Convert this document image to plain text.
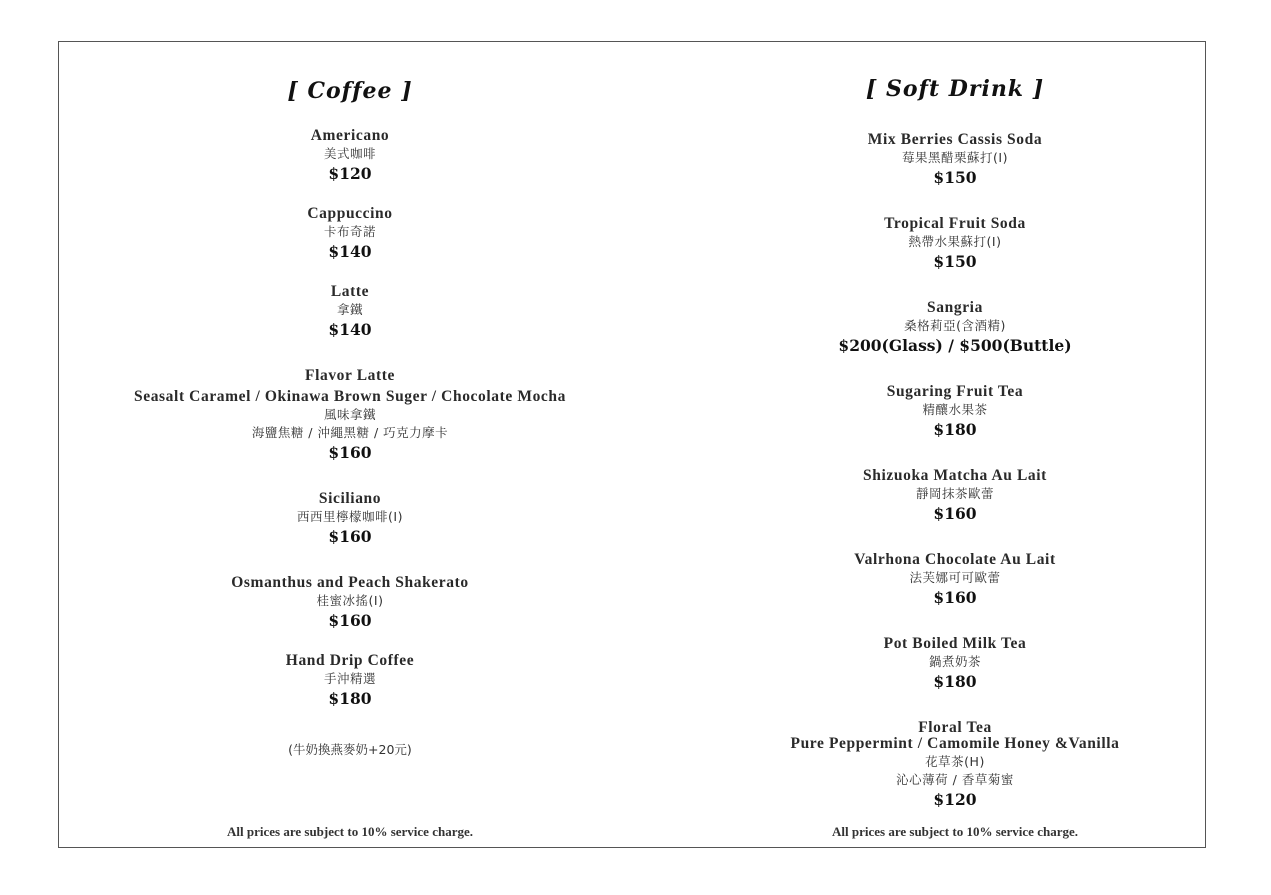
[ Coffee ]
Americano
美式咖啡
$120
Cappuccino
卡布奇諾
$140
Latte
拿鐵
$140
Flavor Latte
Seasalt Caramel / Okinawa Brown Suger / Chocolate Mocha
風味拿鐵
海鹽焦糖 / 沖繩黑糖 / 巧克力摩卡
$160
Siciliano
西西里檸檬咖啡(I)
$160
Osmanthus and Peach Shakerato
桂蜜冰搖(I)
$160
Hand Drip Coffee
手沖精選
$180
(牛奶換燕麥奶+20元)
All prices are subject to 10% service charge.
[ Soft Drink ]
Mix Berries Cassis Soda
莓果黑醋栗蘇打(I)
$150
Tropical Fruit Soda
熱帶水果蘇打(I)
$150
Sangria
桑格莉亞(含酒精)
$200(Glass) / $500(Buttle)
Sugaring Fruit Tea
精釀水果茶
$180
Shizuoka Matcha Au Lait
靜岡抹茶歐蕾
$160
Valrhona Chocolate Au Lait
法芙娜可可歐蕾
$160
Pot Boiled Milk Tea
鍋煮奶茶
$180
Floral Tea
Pure Peppermint / Camomile Honey &Vanilla
花草茶(H)
沁心薄荷 / 香草菊蜜
$120
All prices are subject to 10% service charge.
